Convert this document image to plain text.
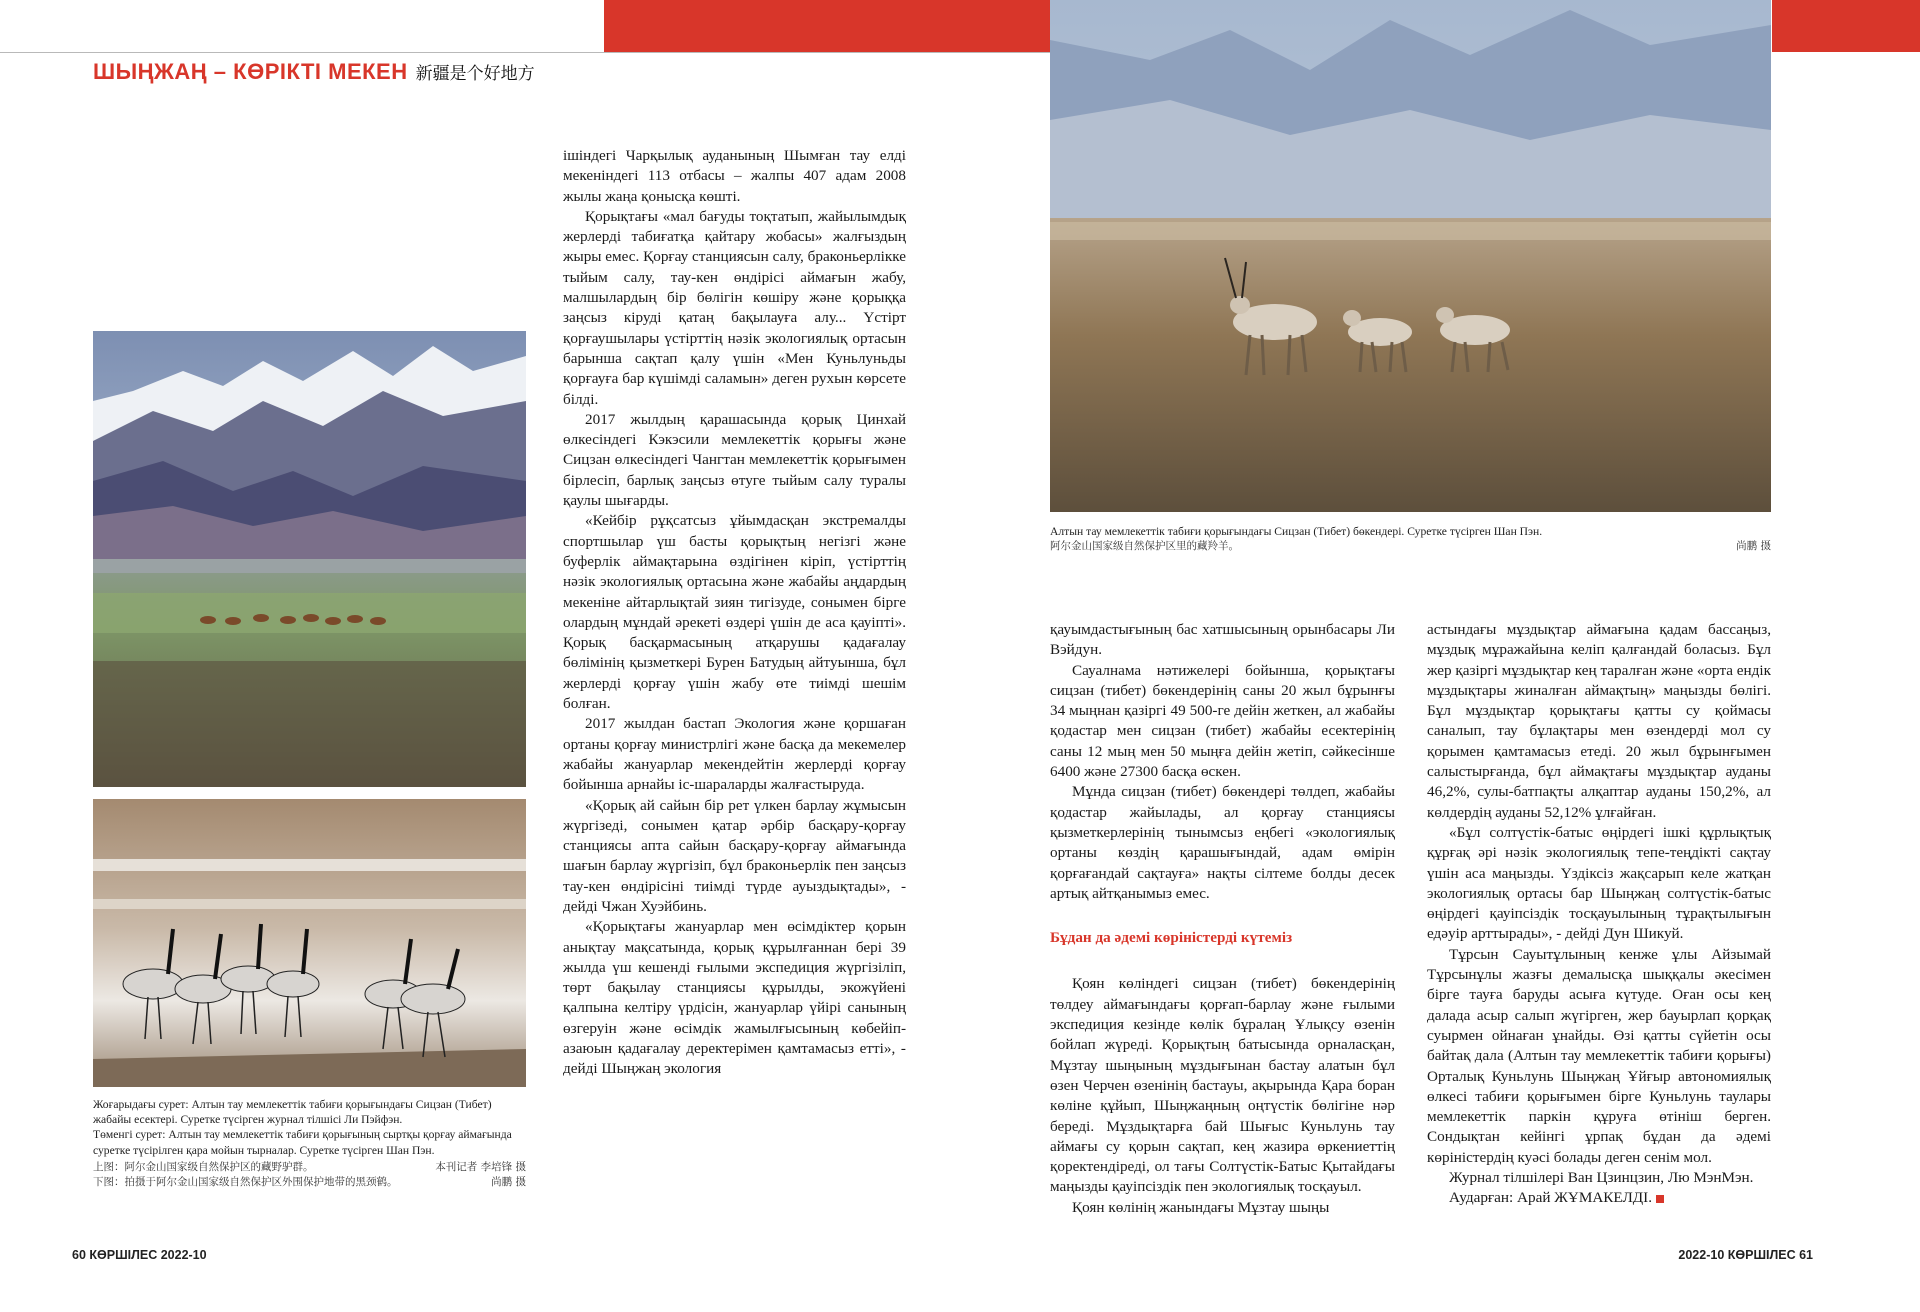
ШЫҢЖАҢ – КӨРІКТІ МЕКЕН 新疆是个好地方

Жоғарыдағы сурет: Алтын тау мемлекеттік табиғи қорығындағы Сицзан (Тибет) жабайы есектері. Суретке түсірген журнал тілшісі Ли Пэйфэн.

Төменгі сурет: Алтын тау мемлекеттік табиғи қорығының сыртқы қорғау аймағында суретке түсірілген қара мойын тырналар. Суретке түсірген Шан Пэн.

上图：阿尔金山国家级自然保护区的藏野驴群。	本刊记者 李培锋 摄
下图：拍摄于阿尔金山国家级自然保护区外围保护地带的黑颈鹤。	尚鹏 摄

ішіндегі Чарқылық ауданының Шымған тау елді мекеніндегі 113 отбасы – жалпы 407 адам 2008 жылы жаңа қонысқа көшті.

Қорықтағы «мал бағуды тоқтатып, жайылымдық жерлерді табиғатқа қайтару жобасы» жалғыздың жыры емес. Қорғау станциясын салу, браконьерлікке тыйым салу, тау-кен өндірісі аймағын жабу, малшылардың бір бөлігін көшіру және қорыққа заңсыз кіруді қатаң бақылауға алу... Үстірт қорғаушылары үстірттің нәзік экологиялық ортасын барынша сақтап қалу үшін «Мен Куньлуньды қорғауға бар күшімді саламын» деген рухын көрсете білді.

2017 жылдың қарашасында қорық Цинхай өлкесіндегі Кэкэсили мемлекеттік қорығы және Сицзан өлкесіндегі Чангтан мемлекеттік қорығымен бірлесіп, барлық заңсыз өтуге тыйым салу туралы қаулы шығарды.

«Кейбір рұқсатсыз ұйымдасқан экстремалды спортшылар үш басты қорықтың негізгі және буферлік аймақтарына өздігінен кіріп, үстірттің нәзік экологиялық ортасына және жабайы аңдардың мекеніне айтарлықтай зиян тигізуде, сонымен бірге олардың мұндай әрекеті өздері үшін де аса қауіпті». Қорық басқармасының атқарушы қадағалау бөлімінің қызметкері Бурен Батудың айтуынша, бұл жерлерді қорғау үшін жабу өте тиімді шешім болған.

2017 жылдан бастап Экология және қоршаған ортаны қорғау министрлігі және басқа да мекемелер жабайы жануарлар мекендейтін жерлерді қорғау бойынша арнайы іс-шараларды жалғастыруда.

«Қорық ай сайын бір рет үлкен барлау жұмысын жүргізеді, сонымен қатар әрбір басқару-қорғау станциясы апта сайын басқару-қорғау аймағында шағын барлау жүргізіп, бұл браконьерлік пен заңсыз тау-кен өндірісіні тиімді түрде ауыздықтады», - дейді Чжан Хуэйбинь.

«Қорықтағы жануарлар мен өсімдіктер қорын анықтау мақсатында, қорық құрылғаннан бері 39 жылда үш кешенді ғылыми экспедиция жүргізіліп, төрт бақылау станциясы құрылды, экожүйені қалпына келтіру үрдісін, жануарлар үйірі санының өзгеруін және өсімдік жамылғысының көбейіп-азаюын қадағалау деректерімен қамтамасыз етті», - дейді Шыңжаң экология

Алтын тау мемлекеттік табиғи қорығындағы Сицзан (Тибет) бөкендері. Суретке түсірген Шан Пэн.

阿尔金山国家级自然保护区里的藏羚羊。	尚鹏 摄

қауымдастығының бас хатшысының орынбасары Ли Вэйдун.

Сауалнама нәтижелері бойынша, қорықтағы сицзан (тибет) бөкендерінің саны 20 жыл бұрынғы 34 мыңнан қазіргі 49 500-ге дейін жеткен, ал жабайы қодастар мен сицзан (тибет) жабайы есектерінің саны 12 мың мен 50 мыңға дейін жетіп, сәйкесінше 6400 және 27300 басқа өскен.

Мұнда сицзан (тибет) бөкендері төлдеп, жабайы қодастар жайылады, ал қорғау станциясы қызметкерлерінің тынымсыз еңбегі «экологиялық ортаны көздің қарашығындай, адам өмірін қорғағандай сақтауға» нақты сілтеме болды десек артық айтқанымыз емес.

Бұдан да әдемі көріністерді күтеміз

Қоян көліндегі сицзан (тибет) бөкендерінің төлдеу аймағындағы қорғап-барлау және ғылыми экспедиция кезінде көлік бұралаң Ұлықсу өзенін бойлап жүреді. Қорықтың батысында орналасқан, Мұзтау шыңының мұздығынан бастау алатын бұл өзен Черчен өзенінің бастауы, ақырында Қара боран көліне құйып, Шыңжаңның оңтүстік бөлігіне нәр береді. Мұздықтарға бай Шығыс Куньлунь тау аймағы су қорын сақтап, кең жазира өркениеттің қоректендіреді, ол тағы Солтүстік-Батыс Қытайдағы маңызды қауіпсіздік пен экологиялық тосқауыл.

Қоян көлінің жанындағы Мұзтау шыңы

астындағы мұздықтар аймағына қадам бассаңыз, мұздық мұражайына келіп қалғандай боласыз. Бұл жер қазіргі мұздықтар кең таралған және «орта ендік мұздықтары жиналған аймақтың» маңызды бөлігі. Бұл мұздықтар қорықтағы қатты су қоймасы саналып, тау бұлақтары мен өзендерді мол су қорымен қамтамасыз етеді. 20 жыл бұрынғымен салыстырғанда, бұл аймақтағы мұздықтар ауданы 46,2%, сулы-батпақты алқаптар ауданы 150,2%, ал көлдердің ауданы 52,12% ұлғайған.

«Бұл солтүстік-батыс өңірдегі ішкі құрлықтық құрғақ әрі нәзік экологиялық тепе-теңдікті сақтау үшін аса маңызды. Үздіксіз жақсарып келе жатқан экологиялық ортасы бар Шыңжаң солтүстік-батыс өңірдегі қауіпсіздік тосқауылының тұрақтылығын едәуір арттырады», - дейді Дун Шикуй.

Тұрсын Сауытұлының кенже ұлы Айзымай Тұрсынұлы жазғы демалысқа шыққалы әкесімен бірге тауға баруды асыға күтуде. Оған осы кең далада асыр салып жүгірген, жер бауырлап қорқақ суырмен ойнаған ұнайды. Өзі қатты сүйетін осы байтақ дала (Алтын тау мемлекеттік табиғи қорығы) Орталық Куньлунь Шыңжаң Ұйғыр автономиялық өлкесі табиғи қорығымен бірге Куньлунь таулары мемлекеттік паркін құруға өтініш берген. Сондықтан кейінгі ұрпақ бұдан да әдемі көріністердің куәсі болады деген сенім мол.

Журнал тілшілері Ван Цзинцзин, Лю МэнМэн.

Аударған: Арай ЖҰМАКЕЛДІ.

60 КӨРШІЛЕС 2022-10	2022-10 КӨРШІЛЕС 61
